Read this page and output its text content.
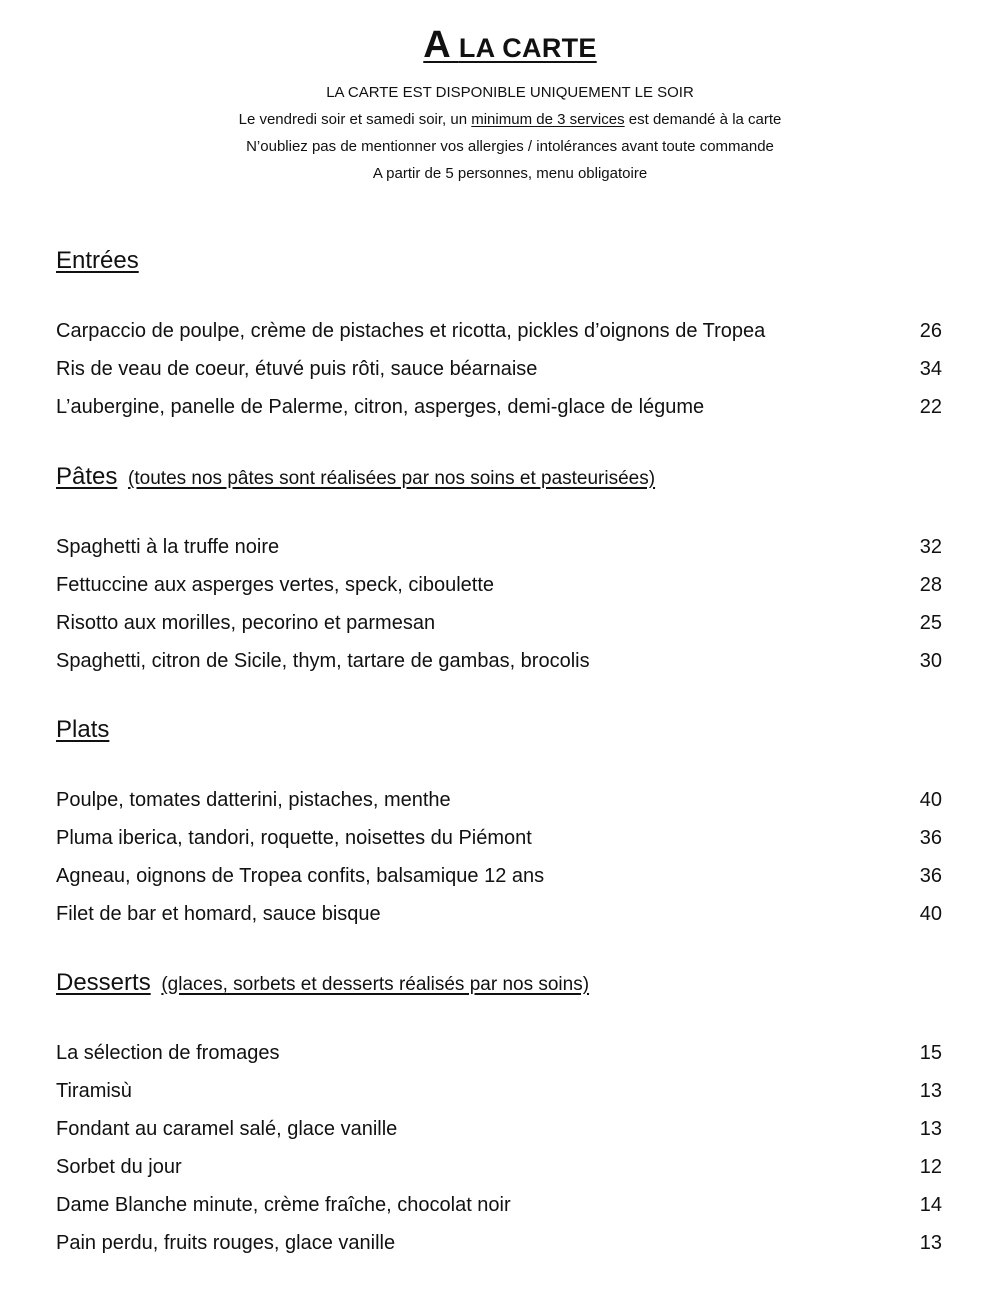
A LA CARTE

LA CARTE EST DISPONIBLE UNIQUEMENT LE SOIR

Le vendredi soir et samedi soir, un minimum de 3 services est demandé à la carte

N’oubliez pas de mentionner vos allergies / intolérances avant toute commande

A partir de 5 personnes, menu obligatoire

Entrées
Carpaccio de poulpe, crème de pistaches et ricotta, pickles d’oignons de Tropea	26
Ris de veau de coeur, étuvé puis rôti, sauce béarnaise	34
L’aubergine, panelle de Palerme, citron, asperges, demi-glace de légume	22
Pâtes (toutes nos pâtes sont réalisées par nos soins et pasteurisées)
Spaghetti à la truffe noire	32
Fettuccine aux asperges vertes, speck, ciboulette	28
Risotto aux morilles, pecorino et parmesan	25
Spaghetti, citron de Sicile, thym, tartare de gambas, brocolis	30
Plats
Poulpe, tomates datterini, pistaches, menthe	40
Pluma iberica, tandori, roquette, noisettes du Piémont	36
Agneau, oignons de Tropea confits, balsamique 12 ans	36
Filet de bar et homard, sauce bisque	40
Desserts (glaces, sorbets et desserts réalisés par nos soins)
La sélection de fromages	15
Tiramisù	13
Fondant au caramel salé, glace vanille	13
Sorbet du jour	12
Dame Blanche minute, crème fraîche, chocolat noir	14
Pain perdu, fruits rouges, glace vanille	13
